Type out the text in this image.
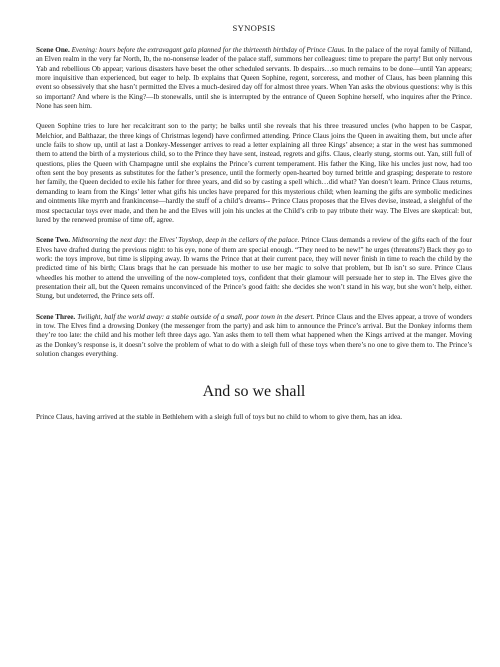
SYNOPSIS

Scene One. Evening: hours before the extravagant gala planned for the thirteenth birthday of Prince Claus. In the palace of the royal family of Nilland, an Elven realm in the very far North, Ib, the no-nonsense leader of the palace staff, summons her colleagues: time to prepare the party! But only nervous Yab and rebellious Ob appear; various disasters have beset the other scheduled servants. Ib despairs…so much remains to be done—until Yan appears; more inquisitive than experienced, but eager to help. Ib explains that Queen Sophine, regent, sorceress, and mother of Claus, has been planning this event so obsessively that she hasn’t permitted the Elves a much-desired day off for almost three years. When Yan asks the obvious questions: why is this so important? And where is the King?—Ib stonewalls, until she is interrupted by the entrance of Queen Sophine herself, who inquires after the Prince. None has seen him.

Queen Sophine tries to lure her recalcitrant son to the party; he balks until she reveals that his three treasured uncles (who happen to be Caspar, Melchior, and Balthazar, the three kings of Christmas legend) have confirmed attending. Prince Claus joins the Queen in awaiting them, but uncle after uncle fails to show up, until at last a Donkey-Messenger arrives to read a letter explaining all three Kings’ absence; a star in the west has summoned them to attend the birth of a mysterious child, so to the Prince they have sent, instead, regrets and gifts. Claus, clearly stung, storms out. Yan, still full of questions, plies the Queen with Champagne until she explains the Prince’s current temperament. His father the King, like his uncles just now, had too often sent the boy presents as substitutes for the father’s presence, until the formerly open-hearted boy turned brittle and grasping; desperate to restore her family, the Queen decided to exile his father for three years, and did so by casting a spell which…did what? Yan doesn’t learn. Prince Claus returns, demanding to learn from the Kings’ letter what gifts his uncles have prepared for this mysterious child; when learning the gifts are symbolic medicines and ointments like myrrh and frankincense—hardly the stuff of a child’s dreams-- Prince Claus proposes that the Elves devise, instead, a sleighful of the most spectacular toys ever made, and then he and the Elves will join his uncles at the Child’s crib to pay tribute their way. The Elves are skeptical: but, lured by the renewed promise of time off, agree.

Scene Two. Midmorning the next day: the Elves’ Toyshop, deep in the cellars of the palace. Prince Claus demands a review of the gifts each of the four Elves have drafted during the previous night: to his eye, none of them are special enough. “They need to be new!” he urges (threatens?) Back they go to work: the toys improve, but time is slipping away. Ib warns the Prince that at their current pace, they will never finish in time to reach the child by the predicted time of his birth; Claus brags that he can persuade his mother to use her magic to solve that problem, but Ib isn’t so sure. Prince Claus wheedles his mother to attend the unveiling of the now-completed toys, confident that their glamour will persuade her to step in. The Elves give the presentation their all, but the Queen remains unconvinced of the Prince’s good faith: she decides she won’t stand in his way, but she won’t help, either. Stung, but undeterred, the Prince sets off.

Scene Three. Twilight, half the world away: a stable outside of a small, poor town in the desert. Prince Claus and the Elves appear, a trove of wonders in tow. The Elves find a drowsing Donkey (the messenger from the party) and ask him to announce the Prince’s arrival. But the Donkey informs them they’re too late: the child and his mother left three days ago. Yan asks them to tell them what happened when the Kings arrived at the manger. Moving as the Donkey’s response is, it doesn’t solve the problem of what to do with a sleigh full of these toys when there’s no one to give them to. The Prince’s solution changes everything.

And so we shall

Prince Claus, having arrived at the stable in Bethlehem with a sleigh full of toys but no child to whom to give them, has an idea.
